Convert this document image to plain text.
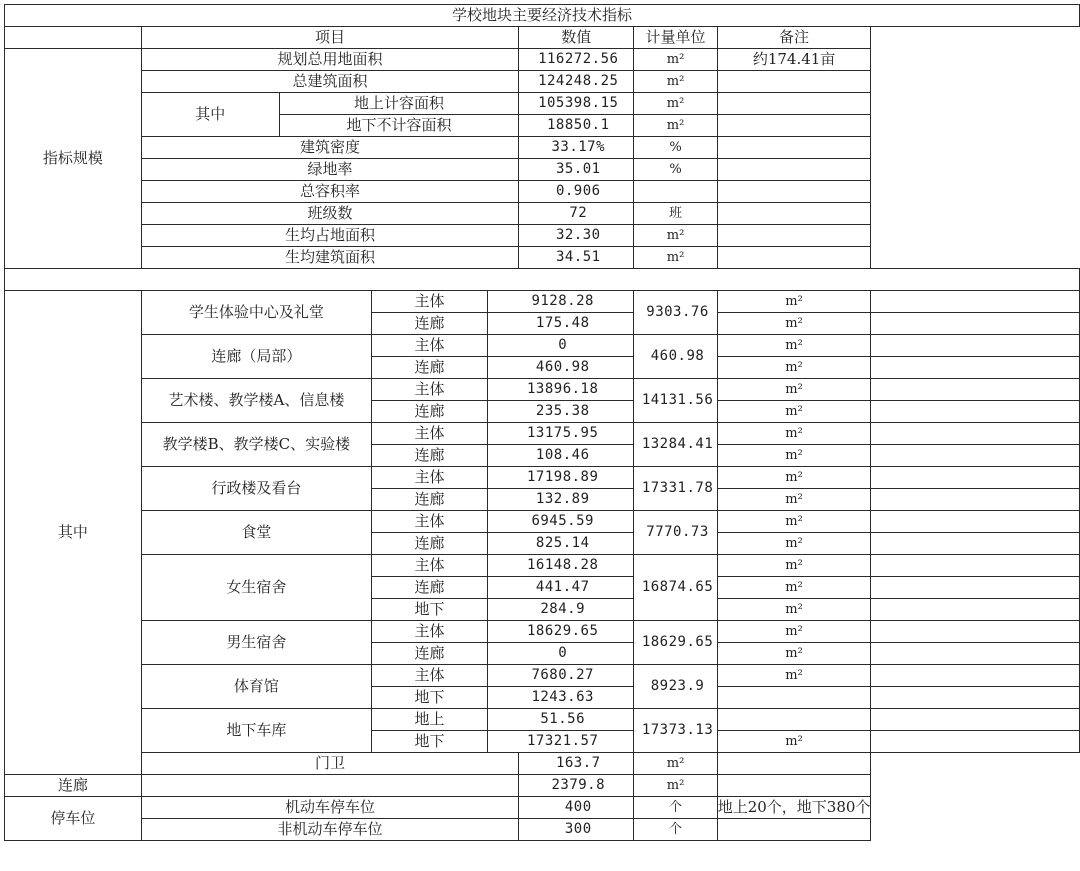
学校地块主要经济技术指标								
	项目				数值	计量单位	备注	
指标规模	规划总用地面积				116272.56	m²	约174.41亩	
	总建筑面积				124248.25	m²		
	其中	地上计容面积			105398.15	m²		
		地下不计容面积			18850.1	m²		
	建筑密度				33.17%	%		
	绿地率				35.01	%		
	总容积率				0.906			
	班级数				72	班		
	生均占地面积				32.30	m²		
	生均建筑面积				34.51	m²		

其中	学生体验中心及礼堂		主体	9128.28		9303.76	m²	
			连廊	175.48			m²	
	连廊（局部）		主体	0		460.98	m²	
			连廊	460.98			m²	
	艺术楼、教学楼A、信息楼		主体	13896.18		14131.56	m²	
			连廊	235.38			m²	
	教学楼B、教学楼C、实验楼		主体	13175.95		13284.41	m²	
			连廊	108.46			m²	
	行政楼及看台		主体	17198.89		17331.78	m²	
			连廊	132.89			m²	
	食堂		主体	6945.59		7770.73	m²	
			连廊	825.14			m²	
	女生宿舍		主体	16148.28		16874.65	m²	
			连廊	441.47			m²	
			地下	284.9			m²	
	男生宿舍		主体	18629.65		18629.65	m²	
			连廊	0			m²	
	体育馆		主体	7680.27		8923.9	m²	
			地下	1243.63				
	地下车库		地上	51.56		17373.13		
			地下	17321.57			m²	
	门卫				163.7	m²		
连廊					2379.8	m²		
停车位	机动车停车位				400	个	地上20个，地下380个	
	非机动车停车位				300	个		
